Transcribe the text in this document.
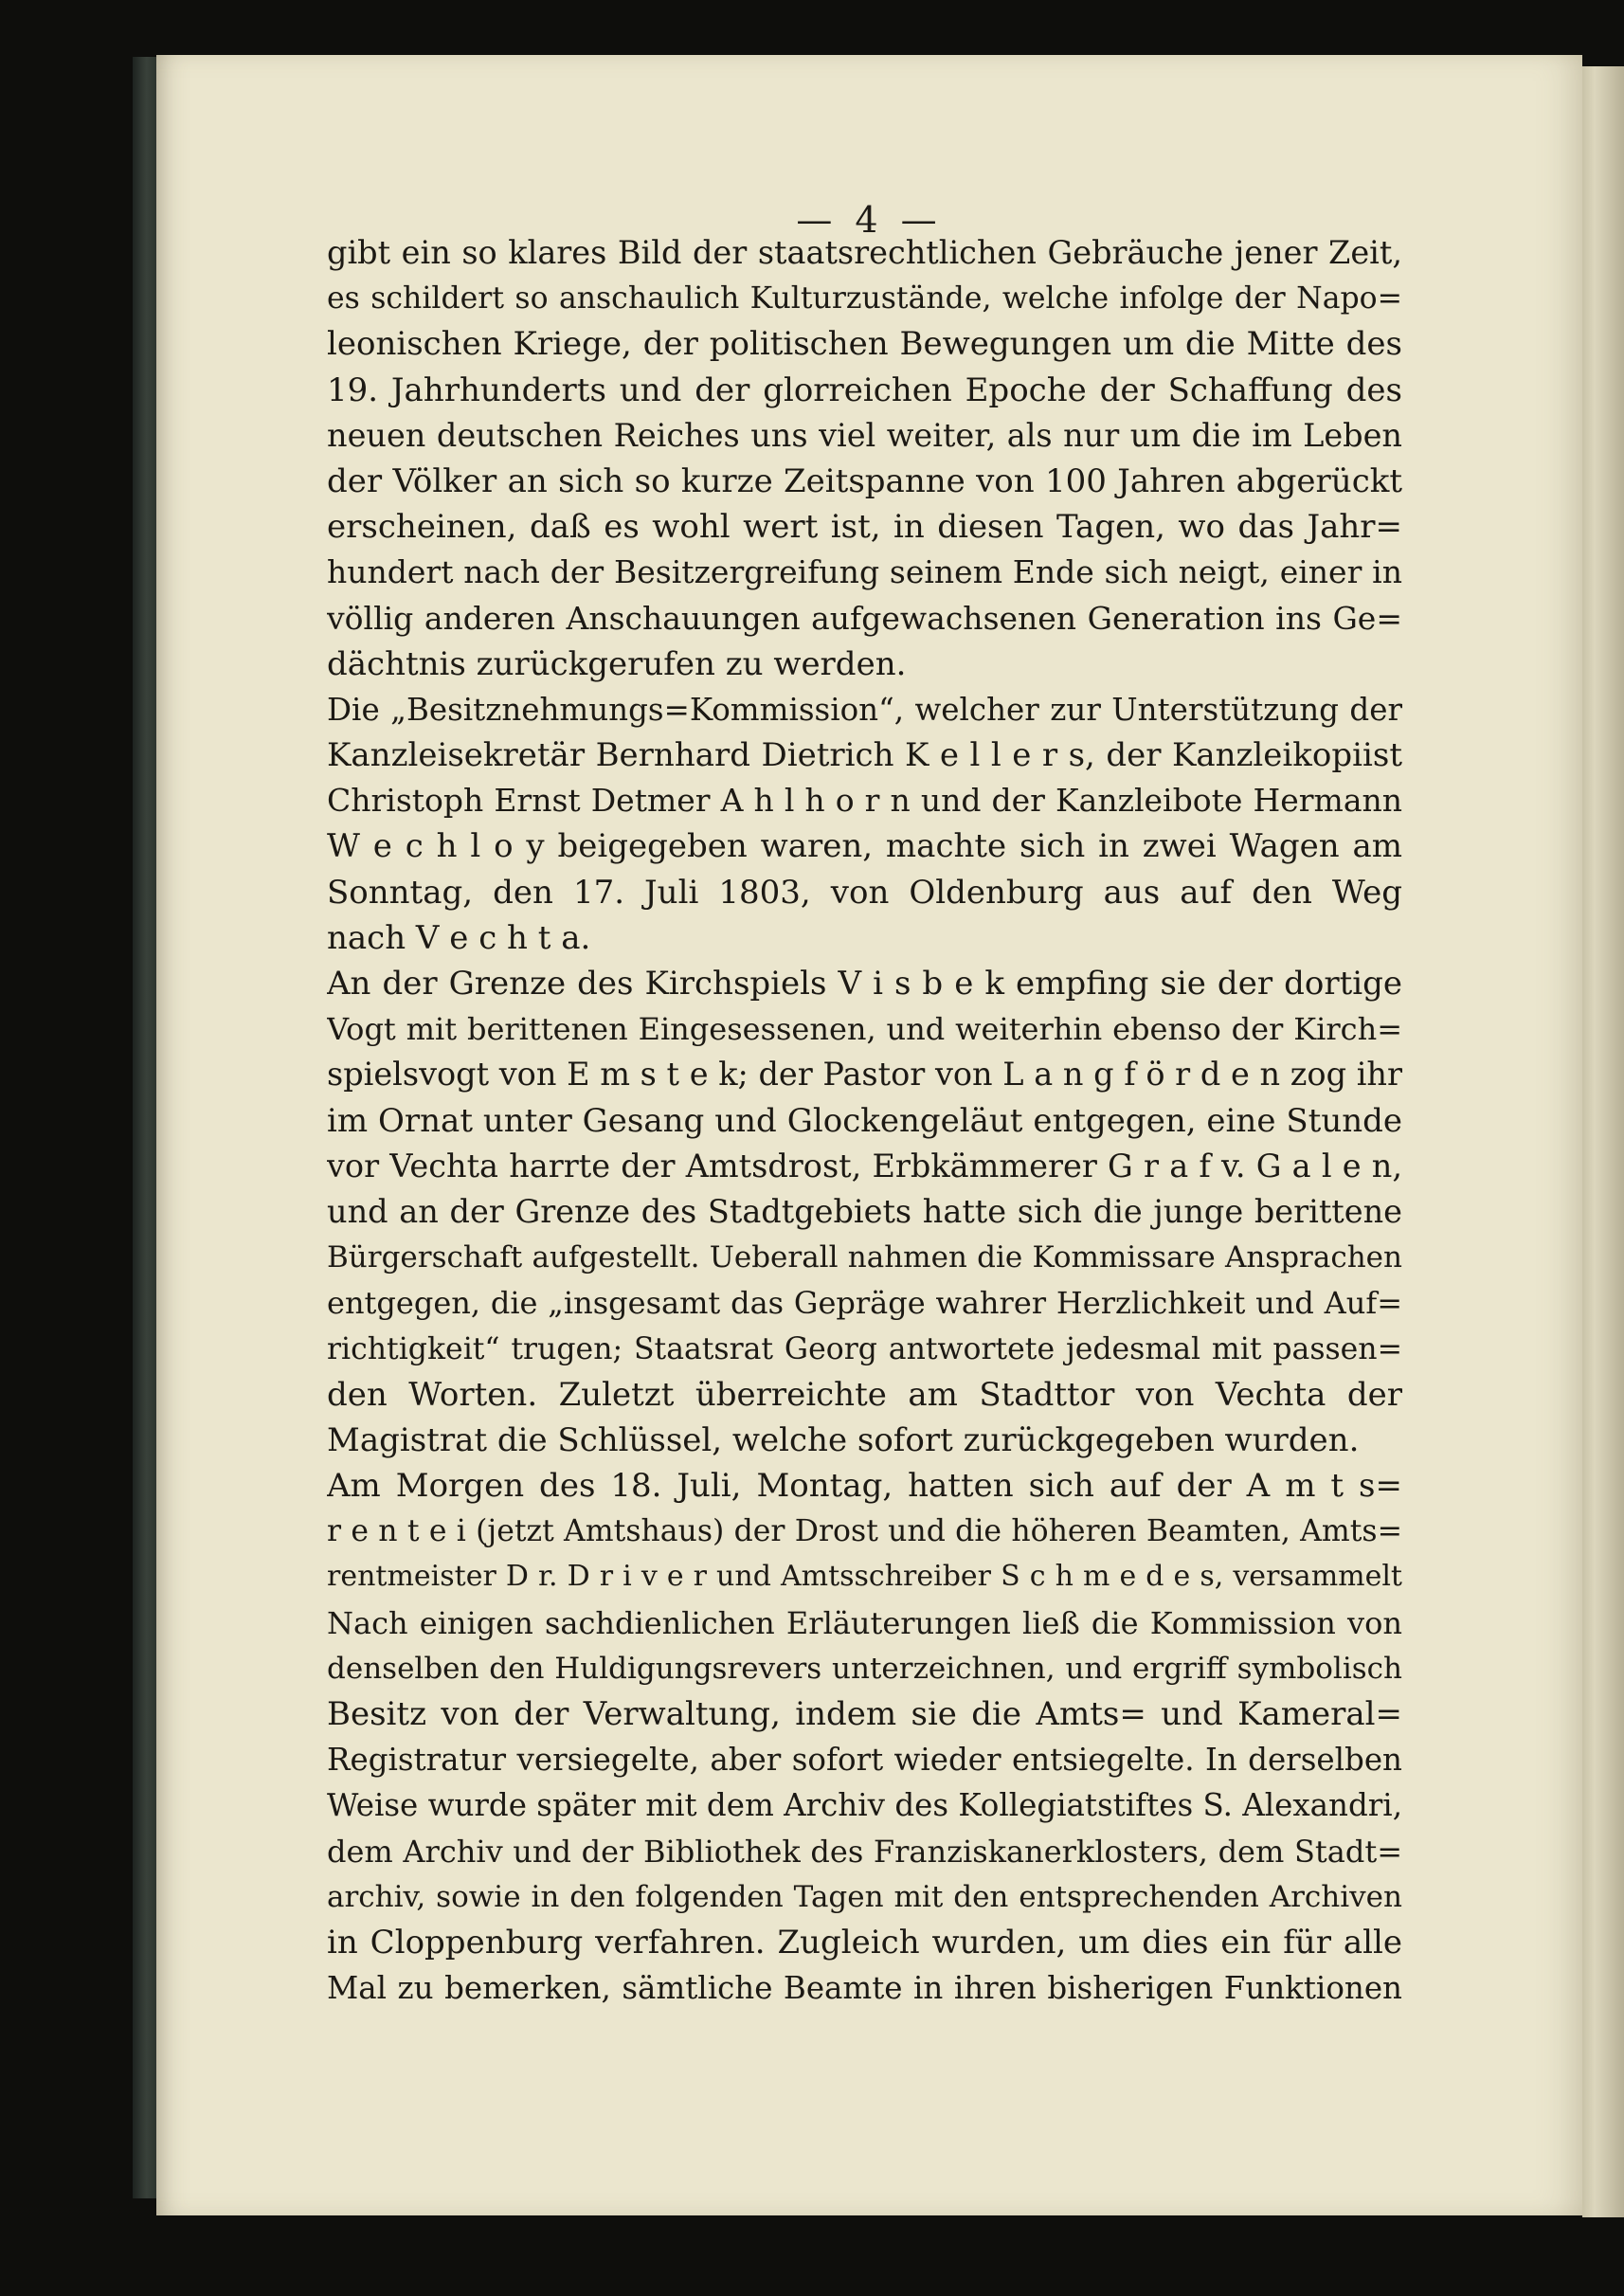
— 4 —
gibt ein so klares Bild der staatsrechtlichen Gebräuche jener Zeit,
es schildert so anschaulich Kulturzustände, welche infolge der Napo=
leonischen Kriege, der politischen Bewegungen um die Mitte des
19. Jahrhunderts und der glorreichen Epoche der Schaffung des
neuen deutschen Reiches uns viel weiter, als nur um die im Leben
der Völker an sich so kurze Zeitspanne von 100 Jahren abgerückt
erscheinen, daß es wohl wert ist, in diesen Tagen, wo das Jahr=
hundert nach der Besitzergreifung seinem Ende sich neigt, einer in
völlig anderen Anschauungen aufgewachsenen Generation ins Ge=
dächtnis zurückgerufen zu werden.
Die „Besitznehmungs=Kommission“, welcher zur Unterstützung der
Kanzleisekretär Bernhard Dietrich K e l l e r s, der Kanzleikopiist
Christoph Ernst Detmer A h l h o r n und der Kanzleibote Hermann
W e c h l o y beigegeben waren, machte sich in zwei Wagen am
Sonntag, den 17. Juli 1803, von Oldenburg aus auf den Weg
nach V e c h t a.
An der Grenze des Kirchspiels V i s b e k empfing sie der dortige
Vogt mit berittenen Eingesessenen, und weiterhin ebenso der Kirch=
spielsvogt von E m s t e k; der Pastor von L a n g f ö r d e n zog ihr
im Ornat unter Gesang und Glockengeläut entgegen, eine Stunde
vor Vechta harrte der Amtsdrost, Erbkämmerer G r a f v. G a l e n,
und an der Grenze des Stadtgebiets hatte sich die junge berittene
Bürgerschaft aufgestellt. Ueberall nahmen die Kommissare Ansprachen
entgegen, die „insgesamt das Gepräge wahrer Herzlichkeit und Auf=
richtigkeit“ trugen; Staatsrat Georg antwortete jedesmal mit passen=
den Worten. Zuletzt überreichte am Stadttor von Vechta der
Magistrat die Schlüssel, welche sofort zurückgegeben wurden.
Am Morgen des 18. Juli, Montag, hatten sich auf der A m t s=
r e n t e i (jetzt Amtshaus) der Drost und die höheren Beamten, Amts=
rentmeister D r. D r i v e r und Amtsschreiber S c h m e d e s, versammelt
Nach einigen sachdienlichen Erläuterungen ließ die Kommission von
denselben den Huldigungsrevers unterzeichnen, und ergriff symbolisch
Besitz von der Verwaltung, indem sie die Amts= und Kameral=
Registratur versiegelte, aber sofort wieder entsiegelte. In derselben
Weise wurde später mit dem Archiv des Kollegiatstiftes S. Alexandri,
dem Archiv und der Bibliothek des Franziskanerklosters, dem Stadt=
archiv, sowie in den folgenden Tagen mit den entsprechenden Archiven
in Cloppenburg verfahren. Zugleich wurden, um dies ein für alle
Mal zu bemerken, sämtliche Beamte in ihren bisherigen Funktionen
